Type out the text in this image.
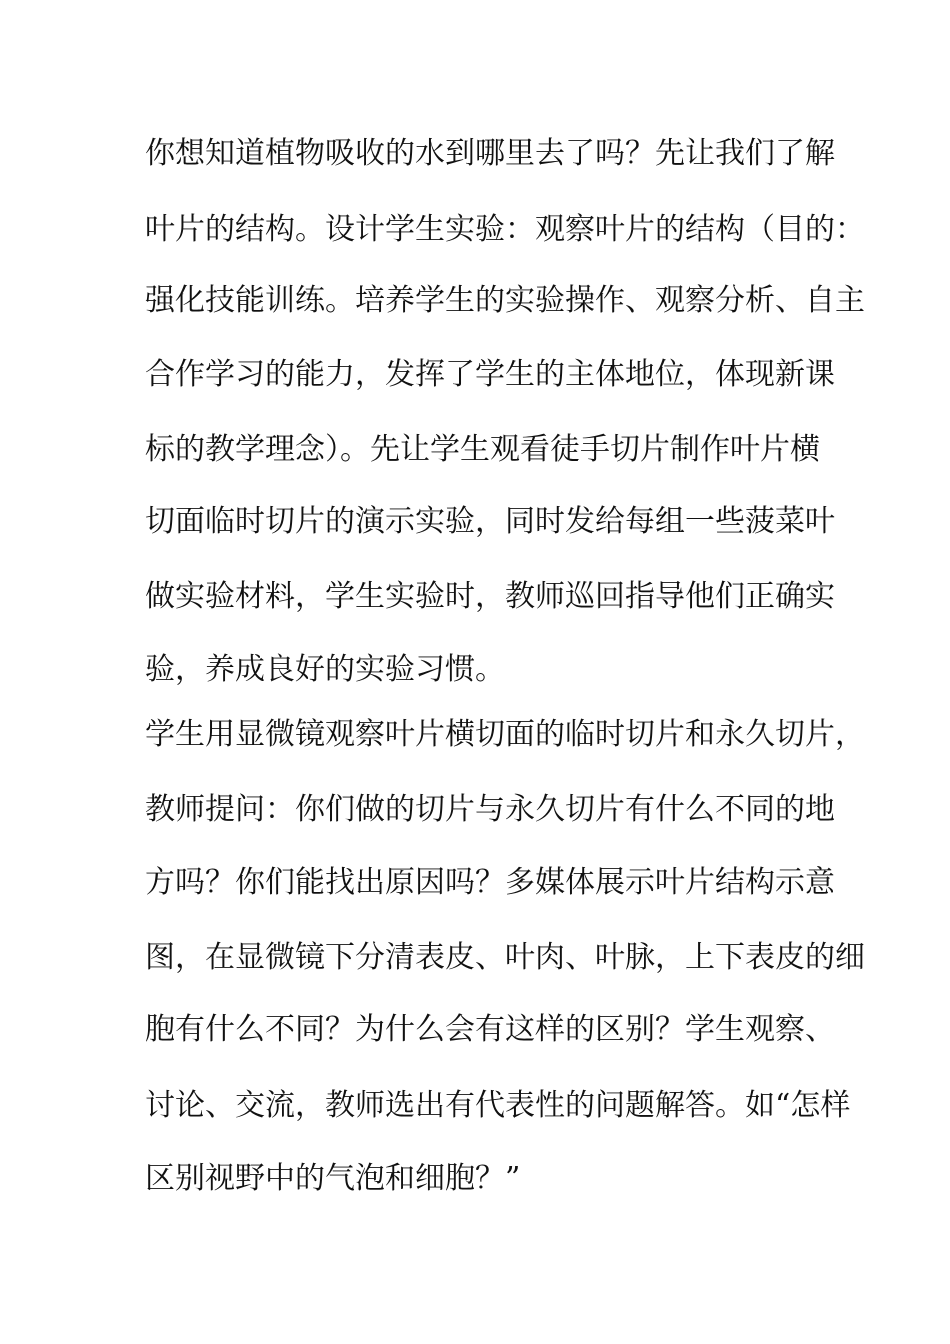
你想知道植物吸收的水到哪里去了吗？先让我们了解
叶片的结构。设计学生实验：观察叶片的结构（目的：
强化技能训练。培养学生的实验操作、观察分析、自主
合作学习的能力，发挥了学生的主体地位，体现新课
标的教学理念）。先让学生观看徒手切片制作叶片横
切面临时切片的演示实验，同时发给每组一些菠菜叶
做实验材料，学生实验时，教师巡回指导他们正确实
验，养成良好的实验习惯。
学生用显微镜观察叶片横切面的临时切片和永久切片，
教师提问：你们做的切片与永久切片有什么不同的地
方吗？你们能找出原因吗？多媒体展示叶片结构示意
图，在显微镜下分清表皮、叶肉、叶脉，上下表皮的细
胞有什么不同？为什么会有这样的区别？学生观察、
讨论、交流，教师选出有代表性的问题解答。如“怎样
区别视野中的气泡和细胞？”
